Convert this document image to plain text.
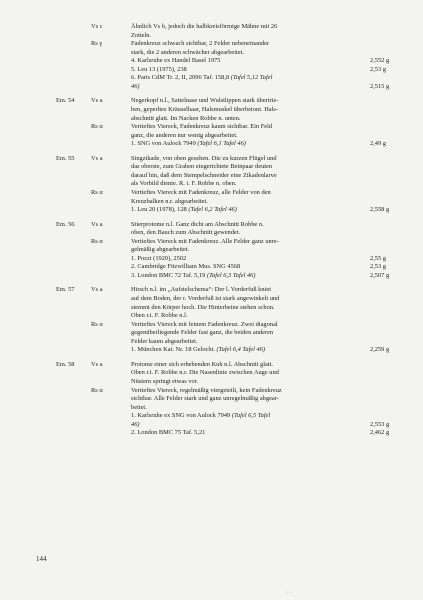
Vs c	Ähnlich Vs b, jedoch die halbkreisförmige Mähne mit 26
Zotteln.
Rs γ	Fadenkreuz schwach sichtbar, 2 Felder nebeneinander
stark, die 2 anderen schwächer abgearbeitet.
4. Karlsruhe ex Handel Basel 1975	2,552 g
5. Leu 13 (1975), 238	2,53 g
6. Paris CdM Tr. 2, II, 2096 Taf. 158,8 (Tafel 5,12 Tafel
46)	2,515 g
Em. 54	Vs a	Negerkopf n.l., Sattelnase und Wulstlippen stark übertrie-
ben, geperltes Kräuselhaar, Halsmuskel überbetont. Hals-
abschnitt glatt. Im Nacken Robbe n. unten.
Rs α	Vertieftes Viereck, Fadenkreuz kaum sichtbar. Ein Feld
ganz, die anderen nur wenig abgearbeitet.
1. SNG von Aulock 7949 (Tafel 6,1 Tafel 46)	2,49 g
Em. 55	Vs a	Singzikade, von oben gesehen. Die zu kurzen Flügel und
das oberste, zum Graben eingerichtete Beinpaar deuten
darauf hin, daß dem Stempelschneider eine Zikadenlarve
als Vorbild diente. R. i. F. Robbe n. oben.
Rs α	Vertieftes Viereck mit Fadenkreuz, alle Felder von den
Kreuzbalken n.r. abgearbeitet.
1. Leu 20 (1978), 128 (Tafel 6,2 Tafel 46)	2,558 g
Em. 56	Vs a	Stierprotome n.l. Ganz dicht am Abschnitt Robbe n.
oben, den Bauch zum Abschnitt gewendet.
Rs α	Vertieftes Viereck mit Fadenkreuz. Alle Felder ganz unre-
gelmäßig abgearbeitet.
1. Pozzi (1920), 2502	2,55 g
2. Cambridge Fitzwilliam Mus. SNG 4568	2,53 g
3. London BMC 72 Taf. 5,19 (Tafel 6,3 Tafel 46)	2,507 g
Em. 57	Vs a	Hirsch n.l. im „Aufstelschema“: Der l. Vorderfuß kniet
auf dem Boden, der r. Vorderfuß ist stark angewinkelt und
stemmt den Körper hoch. Die Hinterbeine stehen schon.
Oben r.i. F. Robbe n.l.
Rs α	Vertieftes Viereck mit feinem Fadenkreuz. Zwei diagonal
gegenüberliegende Felder fast ganz, die beiden anderen
Felder kaum abgearbeitet.
1. München Kat. Nr. 18 Gelocht. (Tafel 6,4 Tafel 46)	2,259 g
Em. 58	Vs a	Protome einer sich erhebenden Kuh n.l. Abschnitt glatt.
Oben r.i. F. Robbe n.r. Die Nasenlinie zwischen Auge und
Nüstern springt etwas vor.
Rs α	Vertieftes Viereck, regelmäßig viergeteilt, kein Fadenkreuz
sichtbar. Alle Felder stark und ganz unregelmäßig abgear-
beitet.
1. Karlsruhe ex SNG von Aulock 7949 (Tafel 6,5 Tafel
46)	2,553 g
2. London BMC 75 Taf. 5,21	2,462 g
144
· ·
